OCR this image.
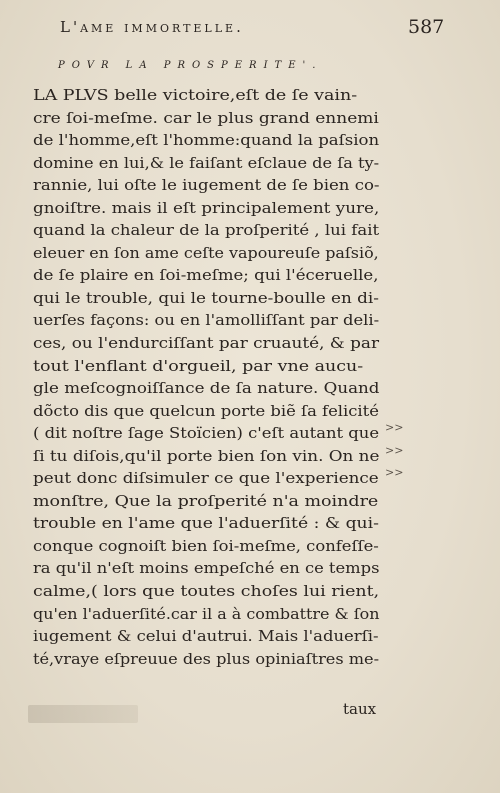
L'ame immortelle.	587
POVR LA PROSPERITE'.
LA PLVS belle victoire,eſt de ſe vain-
cre ſoi-meſme. car le plus grand ennemi
de l'homme,eſt l'homme:quand la paſsion
domine en lui,& le faiſant eſclaue de ſa ty-
rannie, lui oſte le iugement de ſe bien co-
gnoiſtre. mais il eſt principalement yure,
quand la chaleur de la proſperité , lui fait
eleuer en ſon ame ceſte vapoureuſe paſsiõ,
de ſe plaire en ſoi-meſme; qui l'éceruelle,
qui le trouble, qui le tourne-boulle en di-
uerſes façons: ou en l'amolliſſant par deli-
ces, ou l'endurciſſant par cruauté, & par
tout l'enflant d'orgueil, par vne aucu-
gle meſcognoiſſance de ſa nature. Quand
dõcto dis que quelcun porte biẽ ſa felicité
( dit noſtre ſage Stoïcien) c'eſt autant que
ſi tu diſois,qu'il porte bien ſon vin. On ne
peut donc diſsimuler ce que l'experience
monſtre, Que la proſperité n'a moindre
trouble en l'ame que l'aduerſité : & qui-
conque cognoiſt bien ſoi-meſme, confeſſe-
ra qu'il n'eſt moins empeſché en ce temps
calme,( lors que toutes choſes lui rient,
qu'en l'aduerſité.car il a à combattre & ſon
iugement & celui d'autrui. Mais l'aduerſi-
té,vraye eſpreuue des plus opiniaſtres me-
>>
>>
>>
taux
